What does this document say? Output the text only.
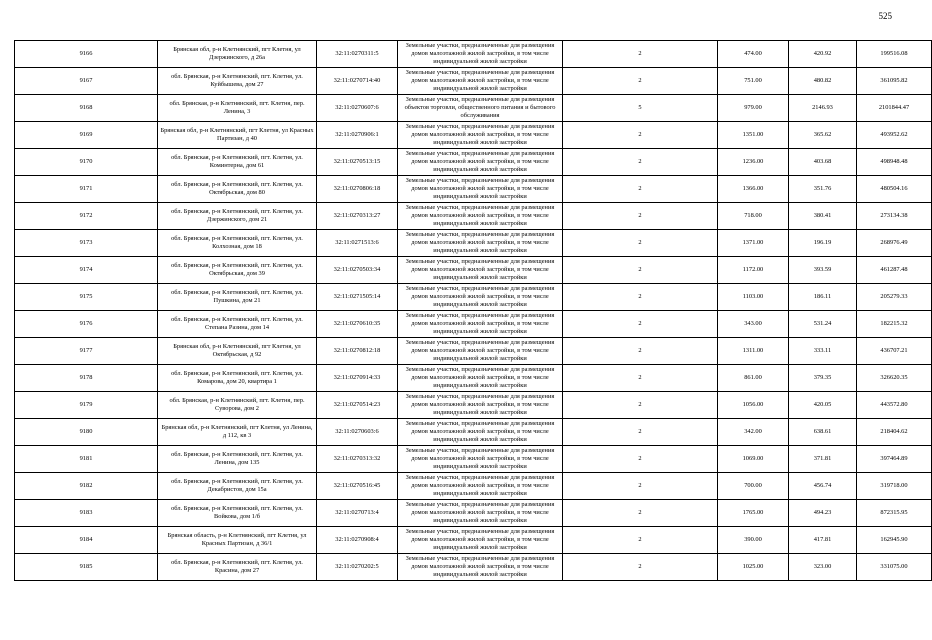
525
9166	Брянская обл, р-н Клетнянский, пгт Клетня, ул Дзержинского, д 26а	32:11:0270311:5	Земельные участки, предназначенные для размещения домов малоэтажной жилой застройки, в том числе индивидуальной жилой застройки	2	474.00	420.92	199516.08
9167	обл. Брянская, р-н Клетнянский, пгт. Клетня, ул. Куйбышева, дом 27	32:11:0270714:40	Земельные участки, предназначенные для размещения домов малоэтажной жилой застройки, в том числе индивидуальной жилой застройки	2	751.00	480.82	361095.82
9168	обл. Брянская, р-н Клетнянский, пгт. Клетня, пер. Ленина, 3	32:11:0270607:6	Земельные участки, предназначенные для размещения объектов торговли, общественного питания и бытового обслуживания	5	979.00	2146.93	2101844.47
9169	Брянская обл, р-н Клетнянский, пгт Клетня, ул Красных Партизан, д 40	32:11:0270906:1	Земельные участки, предназначенные для размещения домов малоэтажной жилой застройки, в том числе индивидуальной жилой застройки	2	1351.00	365.62	493952.62
9170	обл. Брянская, р-н Клетнянский, пгт. Клетня, ул. Коминтерна, дом 61	32:11:0270513:15	Земельные участки, предназначенные для размещения домов малоэтажной жилой застройки, в том числе индивидуальной жилой застройки	2	1236.00	403.68	498948.48
9171	обл. Брянская, р-н Клетнянский, пгт. Клетня, ул. Октябрьская, дом 80	32:11:0270806:18	Земельные участки, предназначенные для размещения домов малоэтажной жилой застройки, в том числе индивидуальной жилой застройки	2	1366.00	351.76	480504.16
9172	обл. Брянская, р-н Клетнянский, пгт. Клетня, ул. Дзержинского, дом 21	32:11:0270313:27	Земельные участки, предназначенные для размещения домов малоэтажной жилой застройки, в том числе индивидуальной жилой застройки	2	718.00	380.41	273134.38
9173	обл. Брянская, р-н Клетнянский, пгт. Клетня, ул. Колхозная, дом 18	32:11:0271513:6	Земельные участки, предназначенные для размещения домов малоэтажной жилой застройки, в том числе индивидуальной жилой застройки	2	1371.00	196.19	268976.49
9174	обл. Брянская, р-н Клетнянский, пгт. Клетня, ул. Октябрьская, дом 39	32:11:0270503:34	Земельные участки, предназначенные для размещения домов малоэтажной жилой застройки, в том числе индивидуальной жилой застройки	2	1172.00	393.59	461287.48
9175	обл. Брянская, р-н Клетнянский, пгт. Клетня, ул. Пушкина, дом 21	32:11:0271505:14	Земельные участки, предназначенные для размещения домов малоэтажной жилой застройки, в том числе индивидуальной жилой застройки	2	1103.00	186.11	205279.33
9176	обл. Брянская, р-н Клетнянский, пгт. Клетня, ул. Степана Разина, дом 14	32:11:0270610:35	Земельные участки, предназначенные для размещения домов малоэтажной жилой застройки, в том числе индивидуальной жилой застройки	2	343.00	531.24	182215.32
9177	Брянская обл, р-н Клетнянский, пгт Клетня, ул Октябрьская, д 92	32:11:0270812:18	Земельные участки, предназначенные для размещения домов малоэтажной жилой застройки, в том числе индивидуальной жилой застройки	2	1311.00	333.11	436707.21
9178	обл. Брянская, р-н Клетнянский, пгт. Клетня, ул. Комарова, дом 20, квартира 1	32:11:0270914:33	Земельные участки, предназначенные для размещения домов малоэтажной жилой застройки, в том числе индивидуальной жилой застройки	2	861.00	379.35	326620.35
9179	обл. Брянская, р-н Клетнянский, пгт. Клетня, пер. Суворова, дом 2	32:11:0270514:23	Земельные участки, предназначенные для размещения домов малоэтажной жилой застройки, в том числе индивидуальной жилой застройки	2	1056.00	420.05	443572.80
9180	Брянская обл, р-н Клетнянский, пгт Клетня, ул Ленина, д 112, кв 3	32:11:0270603:6	Земельные участки, предназначенные для размещения домов малоэтажной жилой застройки, в том числе индивидуальной жилой застройки	2	342.00	638.61	218404.62
9181	обл. Брянская, р-н Клетнянский, пгт. Клетня, ул. Ленина, дом 135	32:11:0270313:32	Земельные участки, предназначенные для размещения домов малоэтажной жилой застройки, в том числе индивидуальной жилой застройки	2	1069.00	371.81	397464.89
9182	обл. Брянская, р-н Клетнянский, пгт. Клетня, ул. Декабристов, дом 15а	32:11:0270516:45	Земельные участки, предназначенные для размещения домов малоэтажной жилой застройки, в том числе индивидуальной жилой застройки	2	700.00	456.74	319718.00
9183	обл. Брянская, р-н Клетнянский, пгт. Клетня, ул. Войкова, дом 1/б	32:11:0270713:4	Земельные участки, предназначенные для размещения домов малоэтажной жилой застройки, в том числе индивидуальной жилой застройки	2	1765.00	494.23	872315.95
9184	Брянская область, р-н Клетнянский, пгт Клетня, ул Красных Партизан, д 36/1	32:11:0270908:4	Земельные участки, предназначенные для размещения домов малоэтажной жилой застройки, в том числе индивидуальной жилой застройки	2	390.00	417.81	162945.90
9185	обл. Брянская, р-н Клетнянский, пгт. Клетня, ул. Красина, дом 27	32:11:0270202:5	Земельные участки, предназначенные для размещения домов малоэтажной жилой застройки, в том числе индивидуальной жилой застройки	2	1025.00	323.00	331075.00
